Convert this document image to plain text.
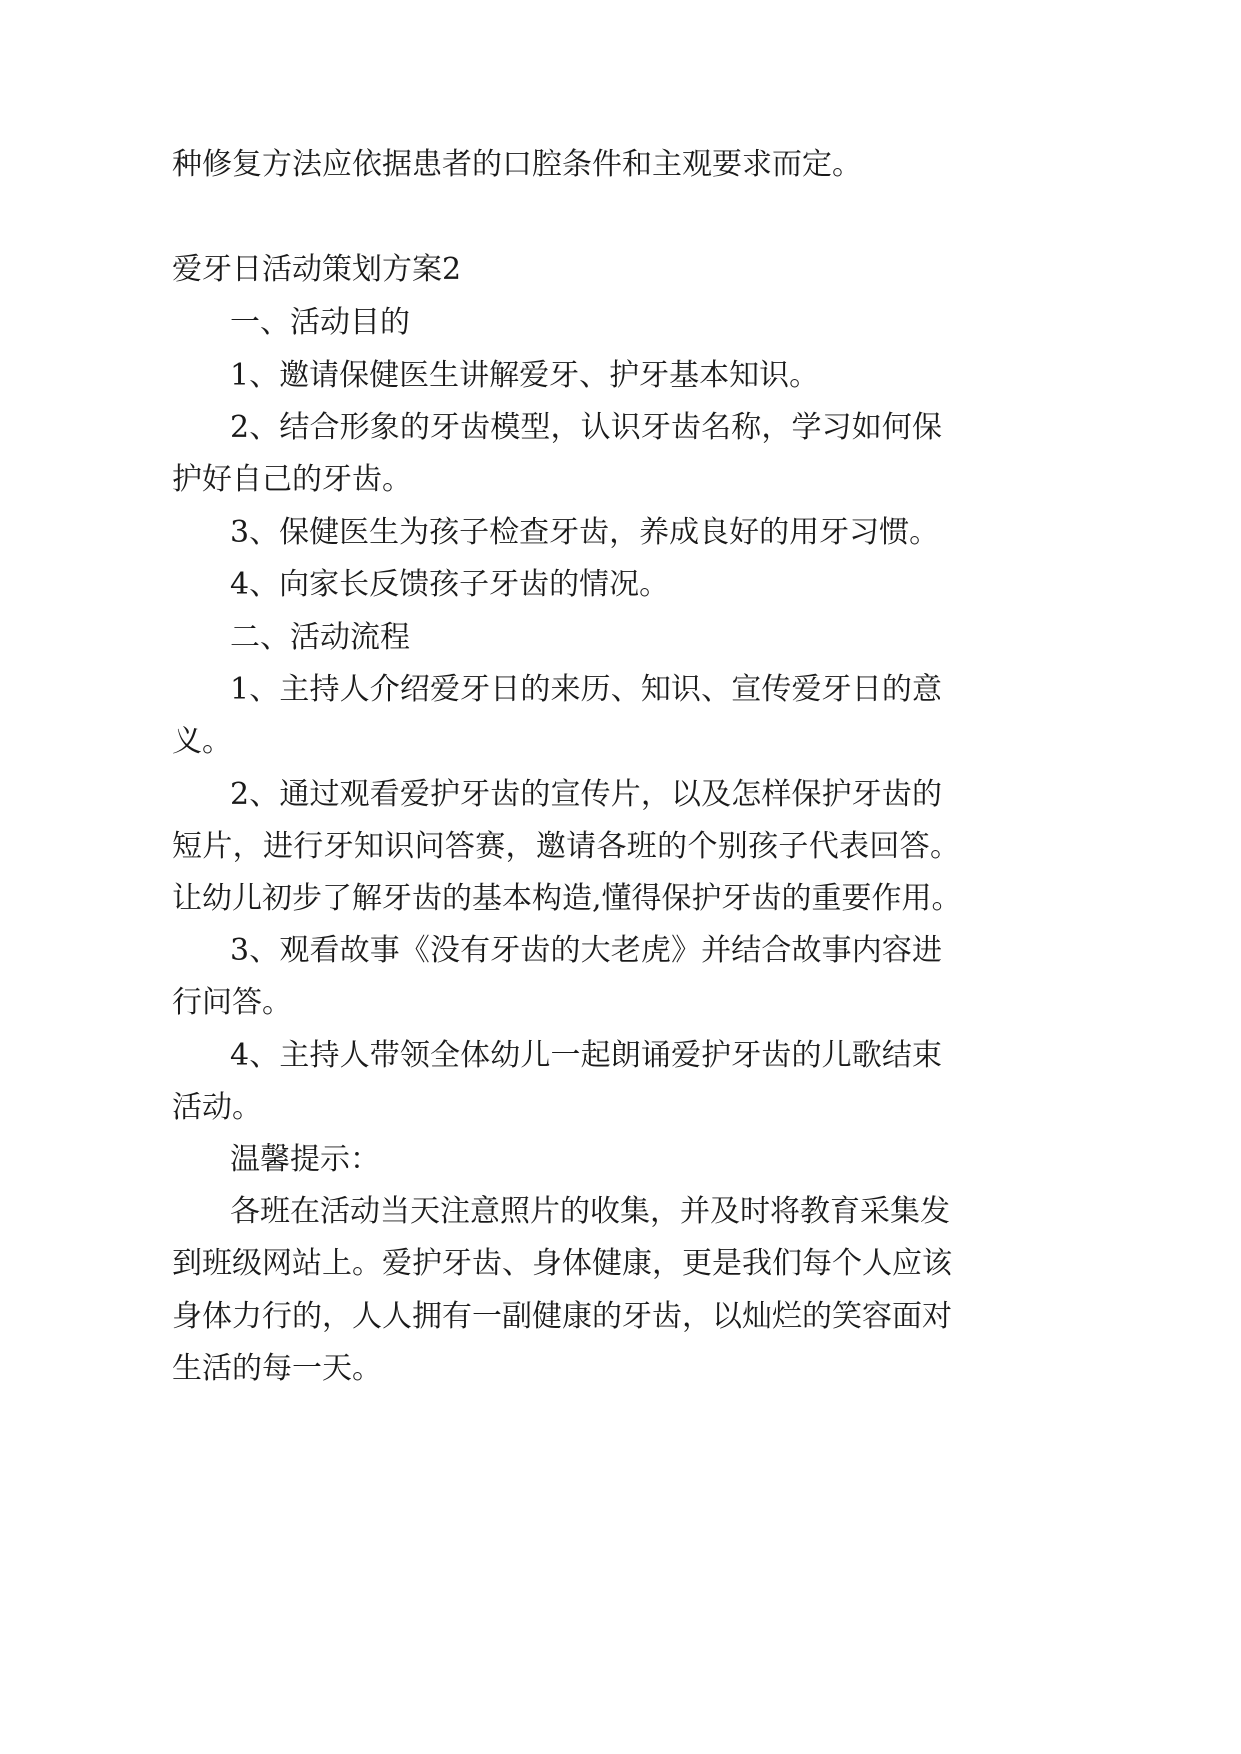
种修复方法应依据患者的口腔条件和主观要求而定。

爱牙日活动策划方案2

一、活动目的

1、邀请保健医生讲解爱牙、护牙基本知识。

2、结合形象的牙齿模型，认识牙齿名称，学习如何保

护好自己的牙齿。

3、保健医生为孩子检查牙齿，养成良好的用牙习惯。

4、向家长反馈孩子牙齿的情况。

二、活动流程

1、主持人介绍爱牙日的来历、知识、宣传爱牙日的意

义。

2、通过观看爱护牙齿的宣传片，以及怎样保护牙齿的

短片，进行牙知识问答赛，邀请各班的个别孩子代表回答。

让幼儿初步了解牙齿的基本构造,懂得保护牙齿的重要作用。

3、观看故事《没有牙齿的大老虎》并结合故事内容进

行问答。

4、主持人带领全体幼儿一起朗诵爱护牙齿的儿歌结束

活动。

温馨提示：

各班在活动当天注意照片的收集，并及时将教育采集发

到班级网站上。爱护牙齿、身体健康，更是我们每个人应该

身体力行的，人人拥有一副健康的牙齿，以灿烂的笑容面对

生活的每一天。
